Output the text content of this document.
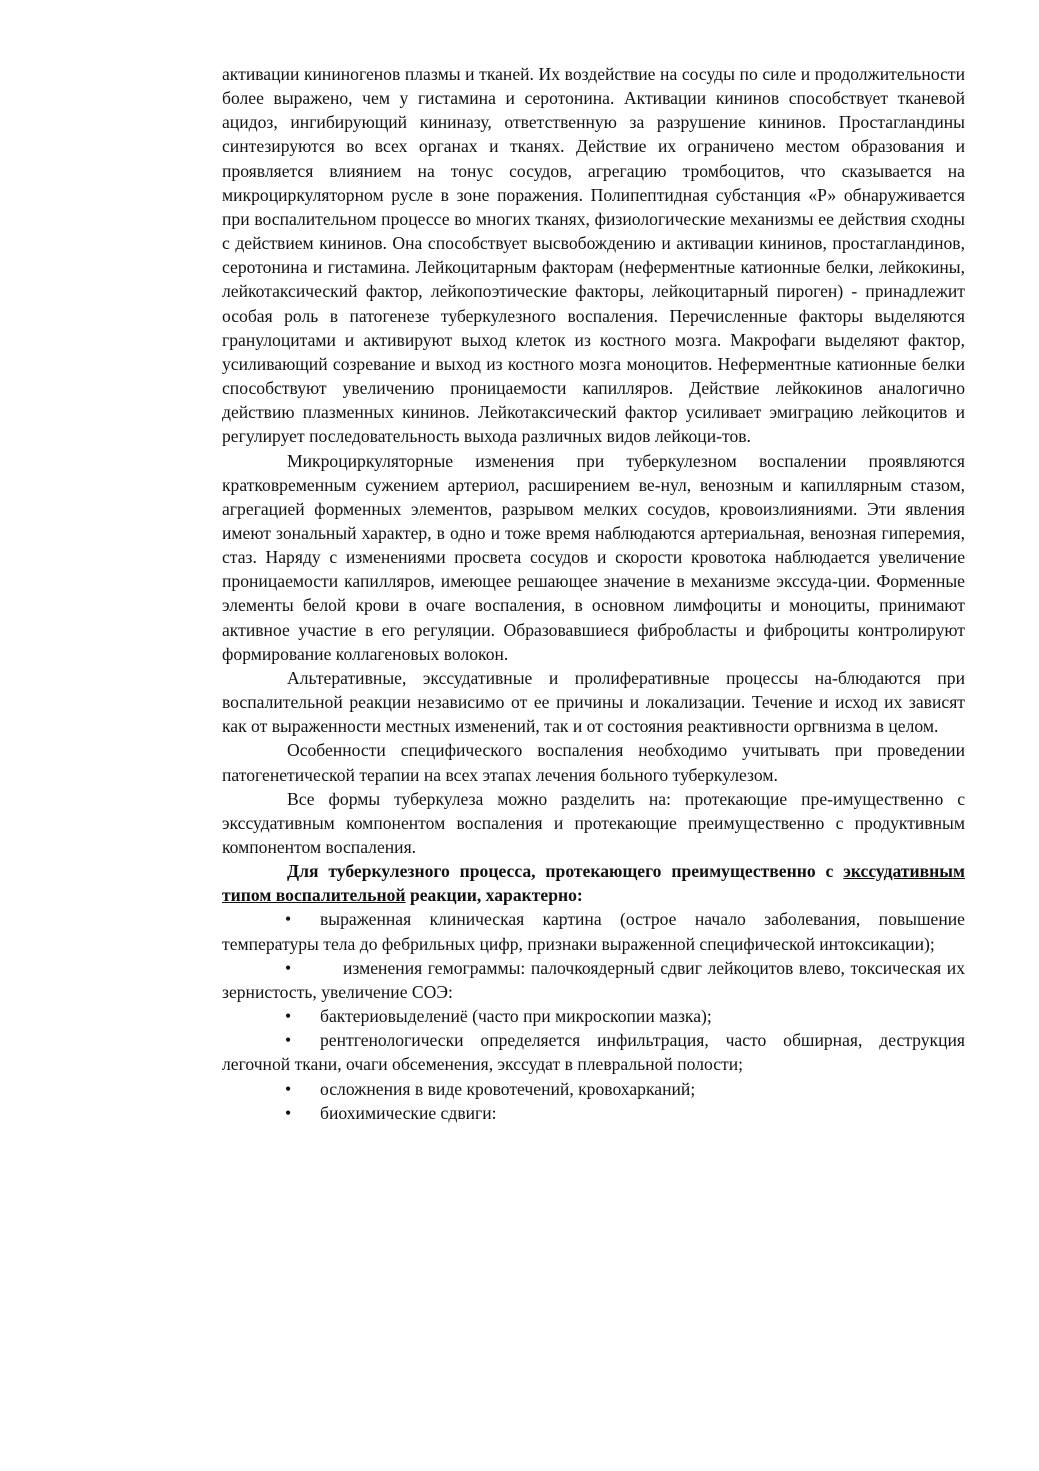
активации кининогенов плазмы и тканей. Их воздействие на сосуды по силе и продолжительности более выражено, чем у гистамина и серотонина. Активации кининов способствует тканевой ацидоз, ингибирующий кининазу, ответственную за разрушение кининов. Простагландины синтезируются во всех органах и тканях. Действие их ограничено местом образования и проявляется влиянием на тонус сосудов, агрегацию тромбоцитов, что сказывается на микроциркуляторном русле в зоне поражения. Полипептидная субстанция «Р» обнаруживается при воспалительном процессе во многих тканях, физиологические механизмы ее действия сходны с действием кининов. Она способствует высвобождению и активации кининов, простагландинов, серотонина и гистамина. Лейкоцитарным факторам (неферментные катионные белки, лейкокины, лейкотаксический фактор, лейкопоэтические факторы, лейкоцитарный пироген) - принадлежит особая роль в патогенезе туберкулезного воспаления. Перечисленные факторы выделяются гранулоцитами и активируют выход клеток из костного мозга. Макрофаги выделяют фактор, усиливающий созревание и выход из костного мозга моноцитов. Неферментные катионные белки способствуют увеличению проницаемости капилляров. Действие лейкокинов аналогично действию плазменных кининов. Лейкотаксический фактор усиливает эмиграцию лейкоцитов и регулирует последовательность выхода различных видов лейкоци-тов.

Микроциркуляторные изменения при туберкулезном воспалении проявляются кратковременным сужением артериол, расширением ве-нул, венозным и капиллярным стазом, агрегацией форменных элементов, разрывом мелких сосудов, кровоизлияниями. Эти явления имеют зональный характер, в одно и тоже время наблюдаются артериальная, венозная гиперемия, стаз. Наряду с изменениями просвета сосудов и скорости кровотока наблюдается увеличение проницаемости капилляров, имеющее решающее значение в механизме экссуда-ции. Форменные элементы белой крови в очаге воспаления, в основном лимфоциты и моноциты, принимают активное участие в его регуляции. Образовавшиеся фибробласты и фиброциты контролируют формирование коллагеновых волокон.

Альтеративные, экссудативные и пролиферативные процессы на-блюдаются при воспалительной реакции независимо от ее причины и локализации. Течение и исход их зависят как от выраженности местных изменений, так и от состояния реактивности оргвнизма в целом.

Особенности специфического воспаления необходимо учитывать при проведении патогенетической терапии на всех этапах лечения больного туберкулезом.

Все формы туберкулеза можно разделить на: протекающие пре-имущественно с экссудативным компонентом воспаления и протекающие преимущественно с продуктивным компонентом воспаления.

Для туберкулезного процесса, протекающего преимущественно с экссудативным типом воспалительной реакции, характерно:

• выраженная клиническая картина (острое начало заболевания, повышение температуры тела до фебрильных цифр, признаки выраженной специфической интоксикации);

•	изменения гемограммы: палочкоядерный сдвиг лейкоцитов влево, токсическая их зернистость, увеличение СОЭ:

• бактериовыделениё (часто при микроскопии мазка);

• рентгенологически определяется инфильтрация, часто обширная, деструкция легочной ткани, очаги обсеменения, экссудат в плевральной полости;

• осложнения в виде кровотечений, кровохарканий;

• биохимические сдвиги:
